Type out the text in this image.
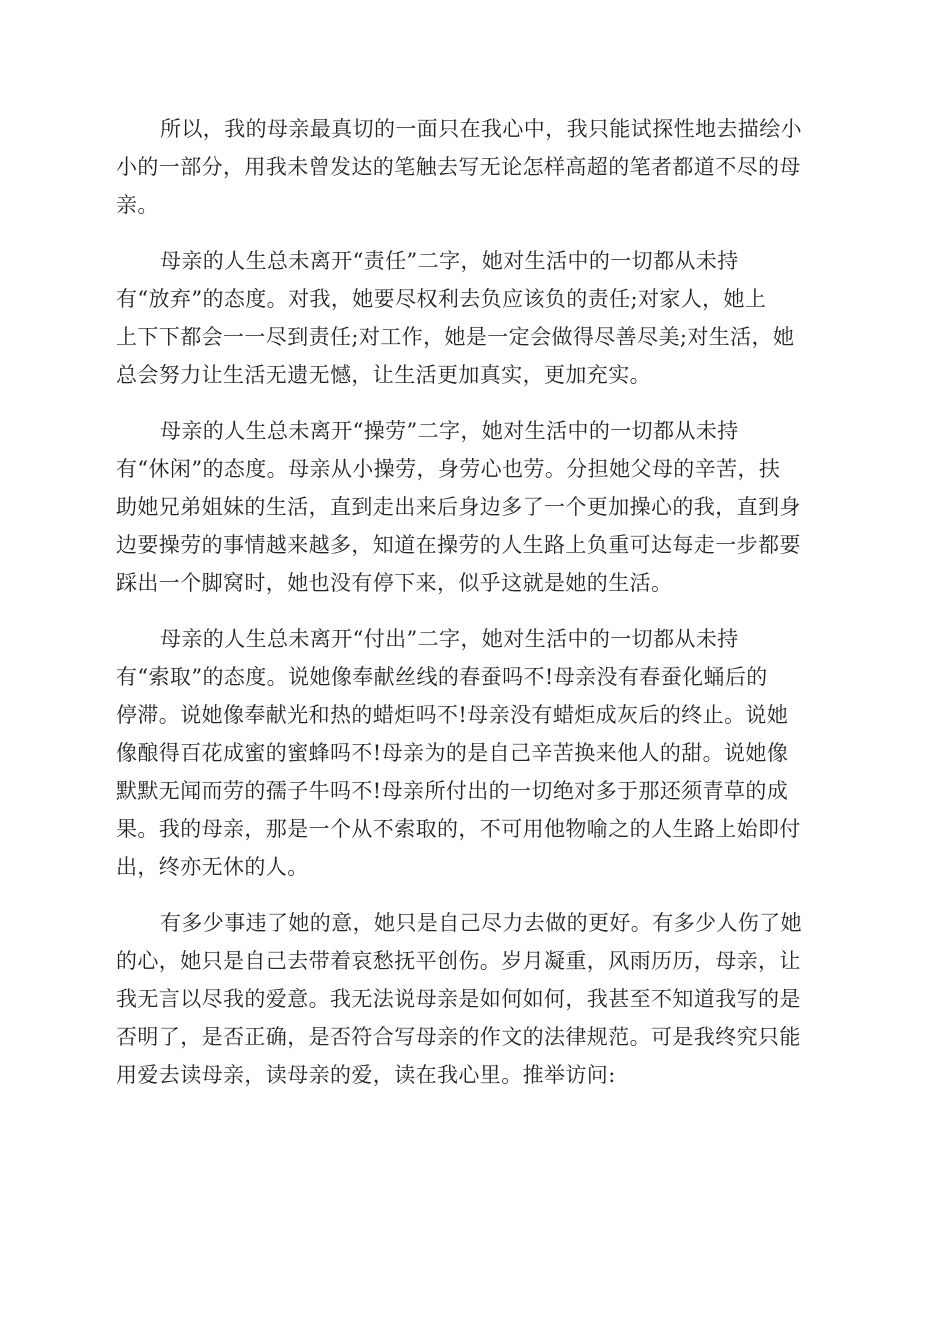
所以，我的母亲最真切的一面只在我心中，我只能试探性地去描绘小
小的一部分，用我未曾发达的笔触去写无论怎样高超的笔者都道不尽的母
亲。
母亲的人生总未离开“责任”二字，她对生活中的一切都从未持
有“放弃”的态度。对我，她要尽权利去负应该负的责任;对家人，她上
上下下都会一一尽到责任;对工作，她是一定会做得尽善尽美;对生活，她
总会努力让生活无遗无憾，让生活更加真实，更加充实。
母亲的人生总未离开“操劳”二字，她对生活中的一切都从未持
有“休闲”的态度。母亲从小操劳，身劳心也劳。分担她父母的辛苦，扶
助她兄弟姐妹的生活，直到走出来后身边多了一个更加操心的我，直到身
边要操劳的事情越来越多，知道在操劳的人生路上负重可达每走一步都要
踩出一个脚窝时，她也没有停下来，似乎这就是她的生活。
母亲的人生总未离开“付出”二字，她对生活中的一切都从未持
有“索取”的态度。说她像奉献丝线的春蚕吗不!母亲没有春蚕化蛹后的
停滞。说她像奉献光和热的蜡炬吗不!母亲没有蜡炬成灰后的终止。说她
像酿得百花成蜜的蜜蜂吗不!母亲为的是自己辛苦换来他人的甜。说她像
默默无闻而劳的孺子牛吗不!母亲所付出的一切绝对多于那还须青草的成
果。我的母亲，那是一个从不索取的，不可用他物喻之的人生路上始即付
出，终亦无休的人。
有多少事违了她的意，她只是自己尽力去做的更好。有多少人伤了她
的心，她只是自己去带着哀愁抚平创伤。岁月凝重，风雨历历，母亲，让
我无言以尽我的爱意。我无法说母亲是如何如何，我甚至不知道我写的是
否明了，是否正确，是否符合写母亲的作文的法律规范。可是我终究只能
用爱去读母亲，读母亲的爱，读在我心里。推举访问:
